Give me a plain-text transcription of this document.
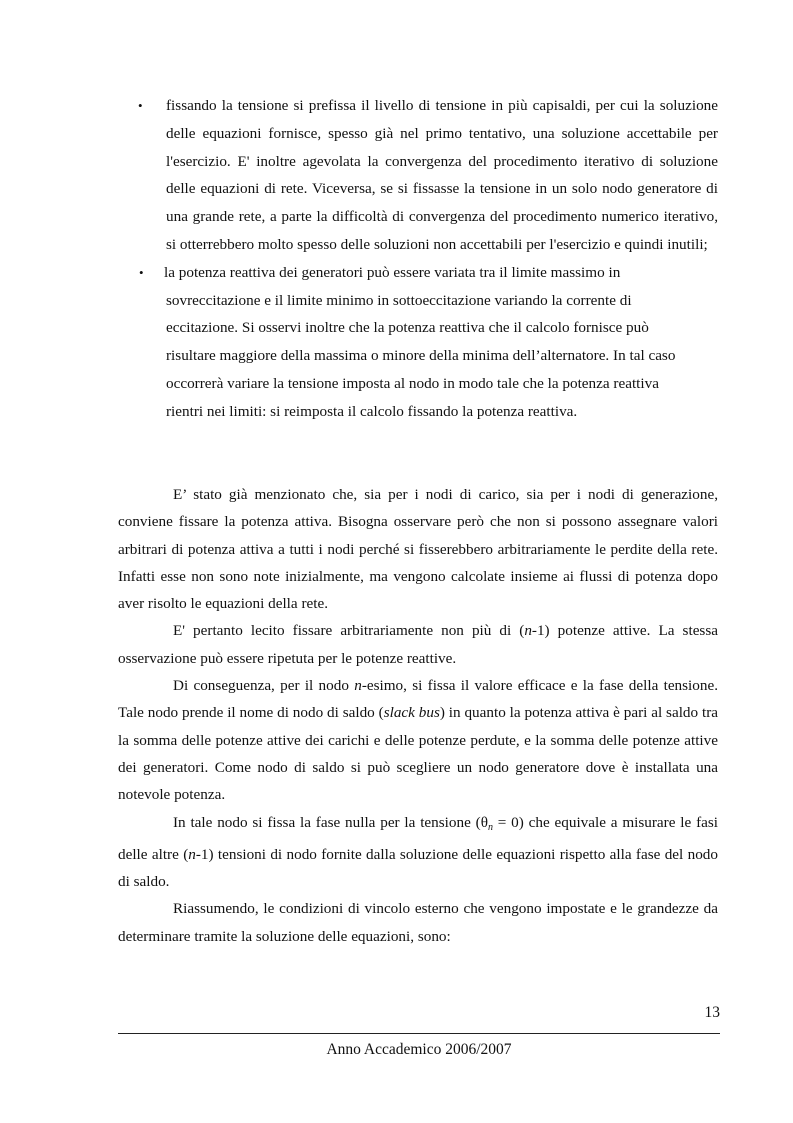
• fissando la tensione si prefissa il livello di tensione in più capisaldi, per cui la soluzione delle equazioni fornisce, spesso già nel primo tentativo, una soluzione accettabile per l'esercizio. E' inoltre agevolata la convergenza del procedimento iterativo di soluzione delle equazioni di rete. Viceversa, se si fissasse la tensione in un solo nodo generatore di una grande rete, a parte la difficoltà di convergenza del procedimento numerico iterativo, si otterrebbero molto spesso delle soluzioni non accettabili per l'esercizio e quindi inutili;
• la potenza reattiva dei generatori può essere variata tra il limite massimo in
sovreccitazione e il limite minimo in sottoeccitazione variando la corrente di
eccitazione. Si osservi inoltre che la potenza reattiva che il calcolo fornisce può
risultare maggiore della massima o minore della minima dell’alternatore. In tal caso
occorrerà variare la tensione imposta al nodo in modo tale che la potenza reattiva
rientri nei limiti: si reimposta il calcolo fissando la potenza reattiva.

E’ stato già menzionato che, sia per i nodi di carico, sia per i nodi di generazione, conviene fissare la potenza attiva. Bisogna osservare però che non si possono assegnare valori arbitrari di potenza attiva a tutti i nodi perché si fisserebbero arbitrariamente le perdite della rete. Infatti esse non sono note inizialmente, ma vengono calcolate insieme ai flussi di potenza dopo aver risolto le equazioni della rete.

E' pertanto lecito fissare arbitrariamente non più di (n-1) potenze attive. La stessa osservazione può essere ripetuta per le potenze reattive.

Di conseguenza, per il nodo n-esimo, si fissa il valore efficace e la fase della tensione. Tale nodo prende il nome di nodo di saldo (slack bus) in quanto la potenza attiva è pari al saldo tra la somma delle potenze attive dei carichi e delle potenze perdute, e la somma delle potenze attive dei generatori. Come nodo di saldo si può scegliere un nodo generatore dove è installata una notevole potenza.

In tale nodo si fissa la fase nulla per la tensione $(\theta_n = 0)$ che equivale a misurare le fasi delle altre (n-1) tensioni di nodo fornite dalla soluzione delle equazioni rispetto alla fase del nodo di saldo.

Riassumendo, le condizioni di vincolo esterno che vengono impostate e le grandezze da determinare tramite la soluzione delle equazioni, sono:

13
Anno Accademico 2006/2007
